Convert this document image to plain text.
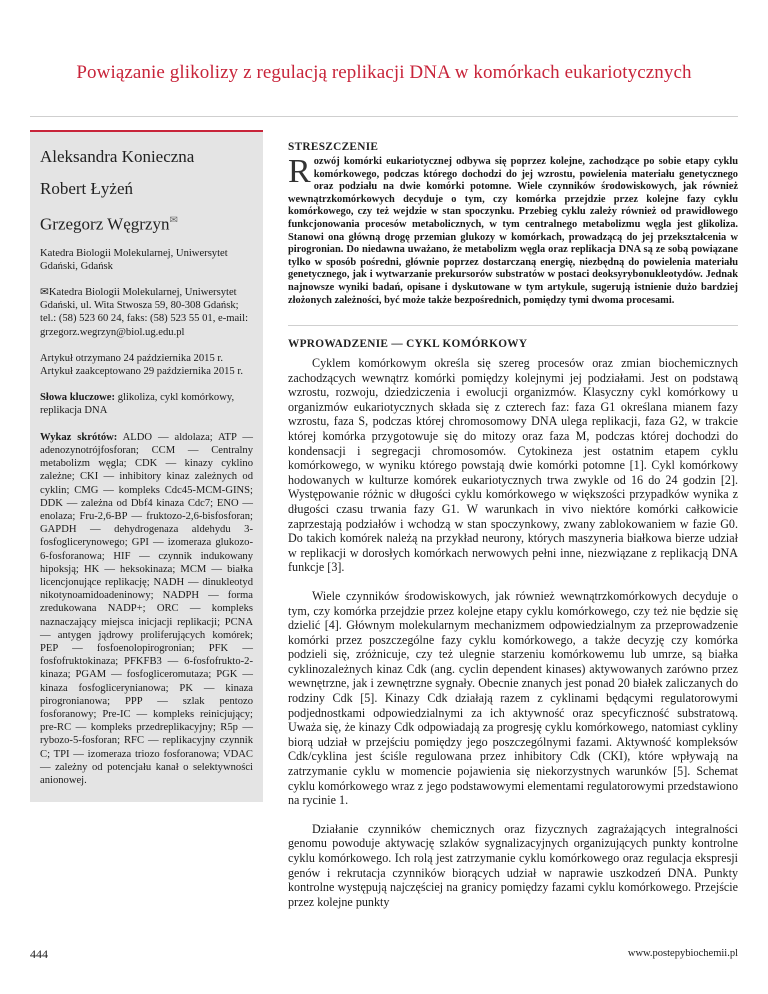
Powiązanie glikolizy z regulacją replikacji DNA w komórkach eukariotycznych
Aleksandra Konieczna
Robert Łyżeń
Grzegorz Węgrzyn✉
Katedra Biologii Molekularnej, Uniwersytet Gdański, Gdańsk
✉Katedra Biologii Molekularnej, Uniwersytet Gdański, ul. Wita Stwosza 59, 80-308 Gdańsk; tel.: (58) 523 60 24, faks: (58) 523 55 01, e-mail: grzegorz.wegrzyn@biol.ug.edu.pl
Artykuł otrzymano 24 października 2015 r. Artykuł zaakceptowano 29 października 2015 r.
Słowa kluczowe: glikoliza, cykl komórkowy, replikacja DNA
Wykaz skrótów: ALDO — aldolaza; ATP — adenozynotrójfosforan; CCM — Centralny metabolizm węgla; CDK — kinazy cyklino zależne; CKI — inhibitory kinaz zależnych od cyklin; CMG — kompleks Cdc45-MCM-GINS; DDK — zależna od Dbf4 kinaza Cdc7; ENO — enolaza; Fru-2,6-BP — fruktozo-2,6-bisfosforan; GAPDH — dehydrogenaza aldehydu 3-fosfoglicerynowego; GPI — izomeraza glukozo-6-fosforanowa; HIF — czynnik indukowany hipoksją; HK — heksokinaza; MCM — białka licencjonujące replikację; NADH — dinukleotyd nikotynoamidoadeninowy; NADPH — forma zredukowana NADP+; ORC — kompleks naznaczający miejsca inicjacji replikacji; PCNA — antygen jądrowy proliferujących komórek; PEP — fosfoenolopirogronian; PFK — fosfofruktokinaza; PFKFB3 — 6-fosfofrukto-2-kinaza; PGAM — fosfogliceromutaza; PGK — kinaza fosfoglicerynianowa; PK — kinaza pirogronianowa; PPP — szlak pentozo fosforanowy; Pre-IC — kompleks reinicjujący; pre-RC — kompleks przedreplikacyjny; R5p — rybozo-5-fosforan; RFC — replikacyjny czynnik C; TPI — izomeraza triozo fosforanowa; VDAC — zależny od potencjału kanał o selektywności anionowej.
STRESZCZENIE
Rozwój komórki eukariotycznej odbywa się poprzez kolejne, zachodzące po sobie etapy cyklu komórkowego, podczas którego dochodzi do jej wzrostu, powielenia materiału genetycznego oraz podziału na dwie komórki potomne. Wiele czynników środowiskowych, jak również wewnątrzkomórkowych decyduje o tym, czy komórka przejdzie przez kolejne fazy cyklu komórkowego, czy też wejdzie w stan spoczynku. Przebieg cyklu zależy również od prawidłowego funkcjonowania procesów metabolicznych, w tym centralnego metabolizmu węgla jest glikoliza. Stanowi ona główną drogę przemian glukozy w komórkach, prowadzącą do jej przekształcenia w pirogronian. Do niedawna uważano, że metabolizm węgla oraz replikacja DNA są ze sobą powiązane tylko w sposób pośredni, głównie poprzez dostarczaną energię, niezbędną do powielenia materiału genetycznego, jak i wytwarzanie prekursorów substratów w postaci deoksyrybonukleotydów. Jednak najnowsze wyniki badań, opisane i dyskutowane w tym artykule, sugerują istnienie dużo bardziej złożonych zależności, być może także bezpośrednich, pomiędzy tymi dwoma procesami.
WPROWADZENIE — CYKL KOMÓRKOWY

Cyklem komórkowym określa się szereg procesów oraz zmian biochemicznych zachodzących wewnątrz komórki pomiędzy kolejnymi jej podziałami. Jest on podstawą wzrostu, rozwoju, dziedziczenia i ewolucji organizmów. Klasyczny cykl komórkowy u organizmów eukariotycznych składa się z czterech faz: faza G1 określana mianem fazy wzrostu, faza S, podczas której chromosomowy DNA ulega replikacji, faza G2, w trakcie której komórka przygotowuje się do mitozy oraz faza M, podczas której dochodzi do kondensacji i segregacji chromosomów. Cytokineza jest ostatnim etapem cyklu komórkowego, w wyniku którego powstają dwie komórki potomne [1]. Cykl komórkowy hodowanych w kulturze komórek eukariotycznych trwa zwykle od 16 do 24 godzin [2]. Występowanie różnic w długości cyklu komórkowego w większości przypadków wynika z długości czasu trwania fazy G1. W warunkach in vivo niektóre komórki całkowicie zaprzestają podziałów i wchodzą w stan spoczynkowy, zwany zablokowaniem w fazie G0. Do takich komórek należą na przykład neurony, których maszyneria białkowa bierze udział w replikacji w dorosłych komórkach nerwowych pełni inne, niezwiązane z replikacją DNA funkcje [3].

Wiele czynników środowiskowych, jak również wewnątrzkomórkowych decyduje o tym, czy komórka przejdzie przez kolejne etapy cyklu komórkowego, czy też nie będzie się dzielić [4]. Głównym molekularnym mechanizmem odpowiedzialnym za przeprowadzenie komórki przez poszczególne fazy cyklu komórkowego, a także decyzję czy komórka podzieli się, zróżnicuje, czy też ulegnie starzeniu komórkowemu lub umrze, są białka cyklinozależnych kinaz Cdk (ang. cyclin dependent kinases) aktywowanych zarówno przez wewnętrzne, jak i zewnętrzne sygnały. Obecnie znanych jest ponad 20 białek zaliczanych do rodziny Cdk [5]. Kinazy Cdk działają razem z cyklinami będącymi regulatorowymi podjednostkami odpowiedzialnymi za ich aktywność oraz specyficzność substratową. Uważa się, że kinazy Cdk odpowiadają za progresję cyklu komórkowego, natomiast cykliny biorą udział w przejściu pomiędzy jego poszczególnymi fazami. Aktywność kompleksów Cdk/cyklina jest ściśle regulowana przez inhibitory Cdk (CKI), które wpływają na zatrzymanie cyklu w momencie pojawienia się niekorzystnych warunków [5]. Schemat cyklu komórkowego wraz z jego podstawowymi elementami regulatorowymi przedstawiono na rycinie 1.

Działanie czynników chemicznych oraz fizycznych zagrażających integralności genomu powoduje aktywację szlaków sygnalizacyjnych organizujących punkty kontrolne cyklu komórkowego. Ich rolą jest zatrzymanie cyklu komórkowego oraz regulacja ekspresji genów i rekrutacja czynników biorących udział w naprawie uszkodzeń DNA. Punkty kontrolne występują najczęściej na granicy pomiędzy fazami cyklu komórkowego. Przejście przez kolejne punkty

444	www.postepybiochemii.pl
